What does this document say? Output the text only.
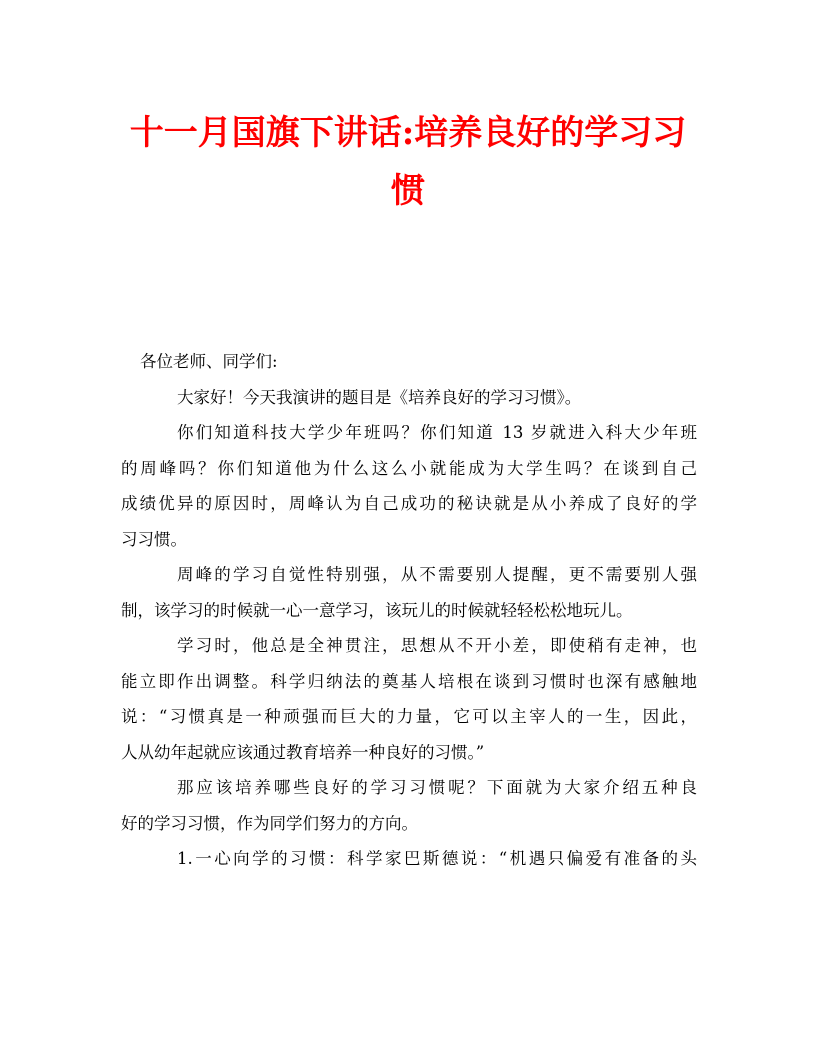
十一月国旗下讲话:培养良好的学习习
惯
各位老师、同学们:
大家好！今天我演讲的题目是《培养良好的学习习惯》。
你们知道科技大学少年班吗？你们知道 13 岁就进入科大少年班
的周峰吗？你们知道他为什么这么小就能成为大学生吗？在谈到自己
成绩优异的原因时，周峰认为自己成功的秘诀就是从小养成了良好的学
习习惯。
周峰的学习自觉性特别强，从不需要别人提醒，更不需要别人强
制，该学习的时候就一心一意学习，该玩儿的时候就轻轻松松地玩儿。
学习时，他总是全神贯注，思想从不开小差，即使稍有走神，也
能立即作出调整。科学归纳法的奠基人培根在谈到习惯时也深有感触地
说：“习惯真是一种顽强而巨大的力量，它可以主宰人的一生，因此，
人从幼年起就应该通过教育培养一种良好的习惯。”
那应该培养哪些良好的学习习惯呢？下面就为大家介绍五种良
好的学习习惯，作为同学们努力的方向。
1.一心向学的习惯：科学家巴斯德说：“机遇只偏爱有准备的头
